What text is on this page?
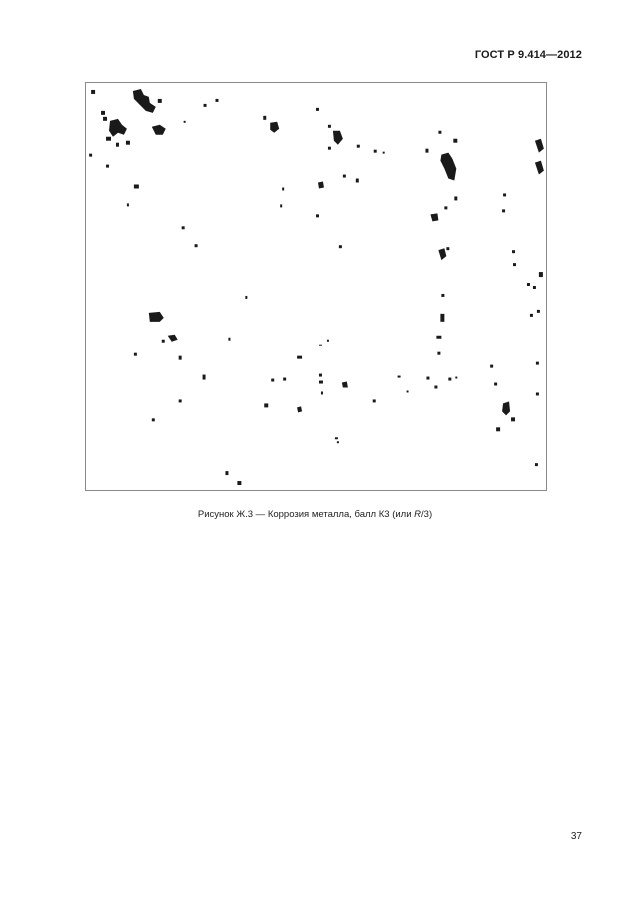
ГОСТ Р 9.414—2012
Рисунок Ж.3 — Коррозия металла, балл К3 (или R/3)
37
